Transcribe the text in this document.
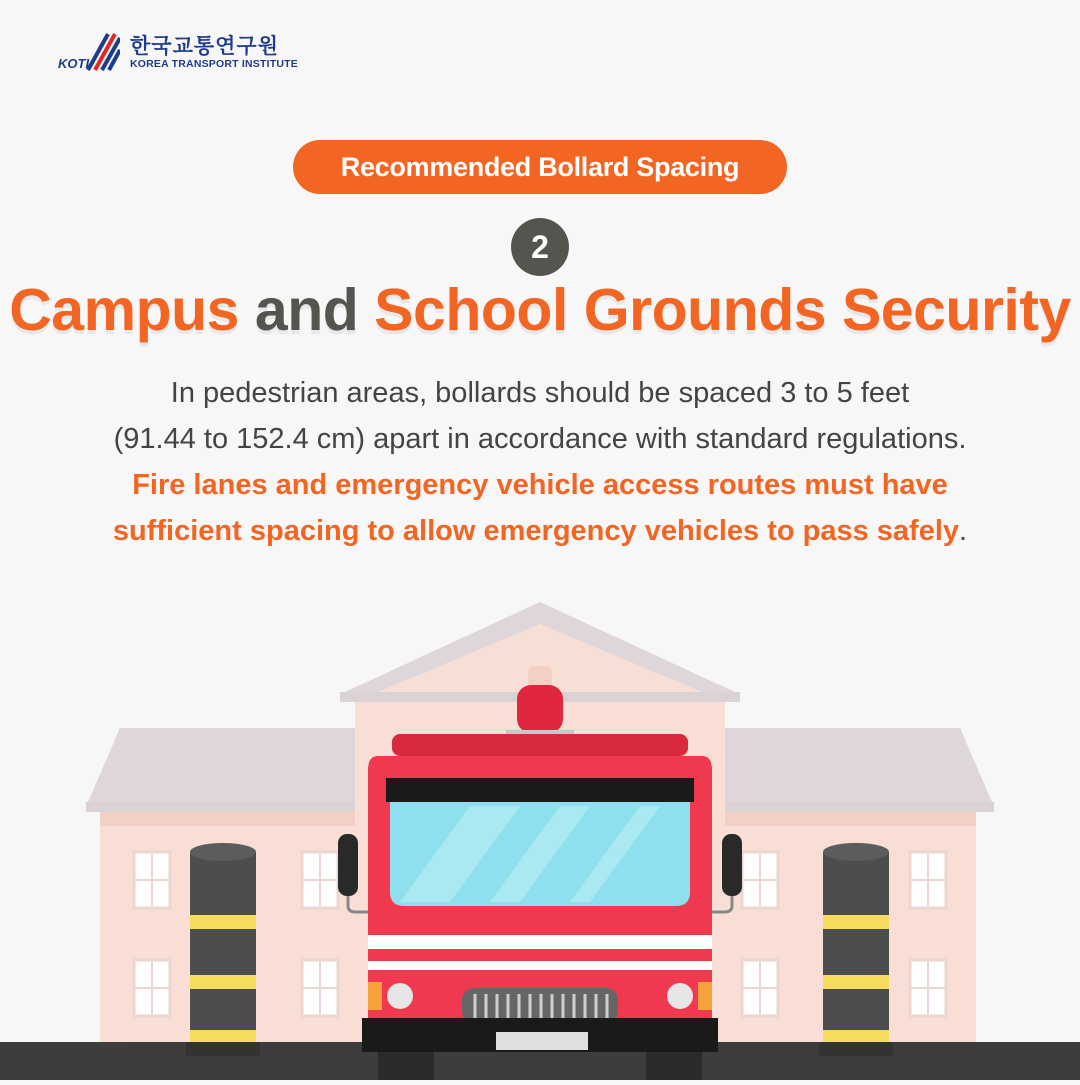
KOTI
한국교통연구원
KOREA TRANSPORT INSTITUTE
Recommended Bollard Spacing
2
Campus and School Grounds Security
In pedestrian areas, bollards should be spaced 3 to 5 feet
(91.44 to 152.4 cm) apart in accordance with standard regulations.
Fire lanes and emergency vehicle access routes must have
sufficient spacing to allow emergency vehicles to pass safely.
